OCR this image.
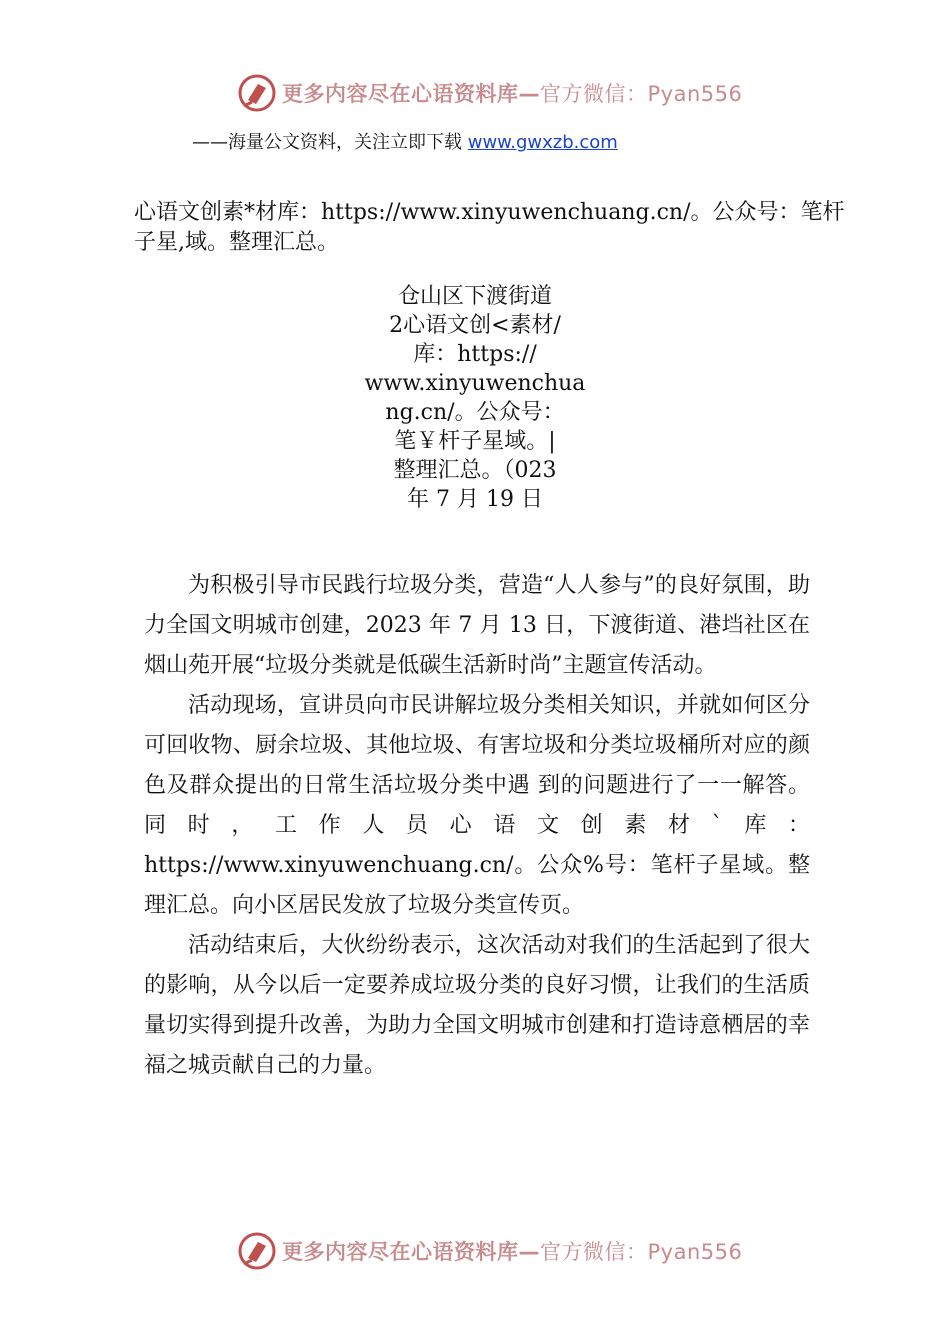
更多内容尽在心语资料库—官方微信：Pyan556
——海量公文资料，关注立即下载 www.gwxzb.com
心语文创素*材库：https://www.xinyuwenchuang.cn/。公众号：笔杆子星,域。整理汇总。
仓山区下渡街道
2心语文创<素材/
库：https://
www.xinyuwenchua
ng.cn/。公众号：
笔￥杆子星域。|
整理汇总。（023
年 7 月 19 日

为积极引导市民践行垃圾分类，营造“人人参与”的良好氛围，助力全国文明城市创建，2023 年 7 月 13 日，下渡街道、港垱社区在烟山苑开展“垃圾分类就是低碳生活新时尚”主题宣传活动。

活动现场，宣讲员向市民讲解垃圾分类相关知识，并就如何区分可回收物、厨余垃圾、其他垃圾、有害垃圾和分类垃圾桶所对应的颜色及群众提出的日常生活垃圾分类中遇 到的问题进行了一一解答。同时，工作人员心语文创素材`库：https://www.xinyuwenchuang.cn/。公众%号：笔杆子星域。整理汇总。向小区居民发放了垃圾分类宣传页。

活动结束后，大伙纷纷表示，这次活动对我们的生活起到了很大的影响，从今以后一定要养成垃圾分类的良好习惯，让我们的生活质量切实得到提升改善，为助力全国文明城市创建和打造诗意栖居的幸福之城贡献自己的力量。

更多内容尽在心语资料库—官方微信：Pyan556
